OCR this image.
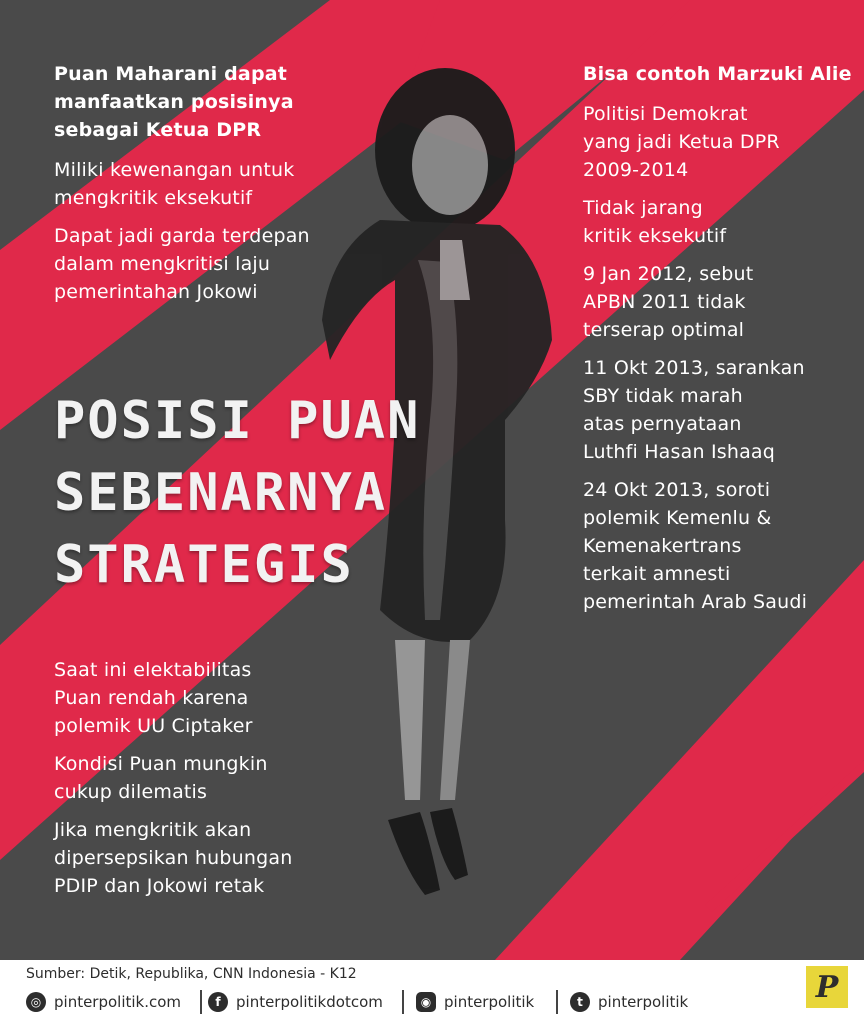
Puan Maharani dapat
manfaatkan posisinya
sebagai Ketua DPR

Miliki kewenangan untuk
mengkritik eksekutif

Dapat jadi garda terdepan
dalam mengkritisi laju
pemerintahan Jokowi

POSISI PUAN
SEBENARNYA
STRATEGIS

Saat ini elektabilitas
Puan rendah karena
polemik UU Ciptaker

Kondisi Puan mungkin
cukup dilematis

Jika mengkritik akan
dipersepsikan hubungan
PDIP dan Jokowi retak

Bisa contoh Marzuki Alie

Politisi Demokrat
yang jadi Ketua DPR
2009-2014

Tidak jarang
kritik eksekutif

9 Jan 2012, sebut
APBN 2011 tidak
terserap optimal

11 Okt 2013, sarankan
SBY tidak marah
atas pernyataan
Luthfi Hasan Ishaaq

24 Okt 2013, soroti
polemik Kemenlu &
Kemenakertrans
terkait amnesti
pemerintah Arab Saudi

Sumber: Detik, Republika, CNN Indonesia - K12
◎ pinterpolitik.com	f	pinterpolitikdotcom	◉ pinterpolitik	t	pinterpolitik	P
